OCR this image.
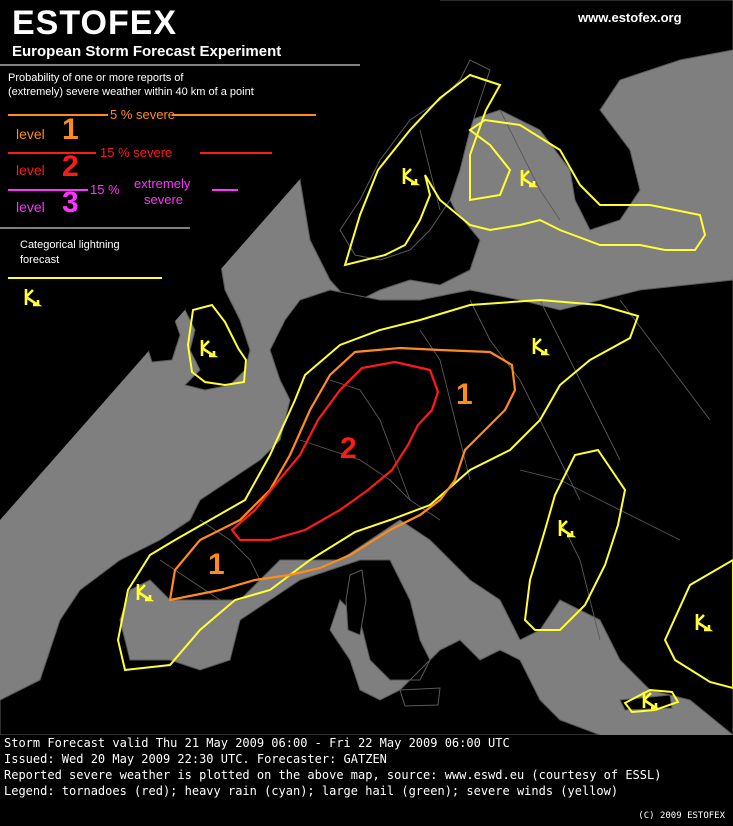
1
2
1
ESTOFEX
European Storm Forecast Experiment
www.estofex.org
Probability of one or more reports of
(extremely) severe weather within 40 km of a point
level 1 5 % severe
level 2 15 % severe
level 3 15 % extremely
severe
Categorical lightning
forecast
Storm Forecast valid Thu 21 May 2009 06:00 - Fri 22 May 2009 06:00 UTC
Issued: Wed 20 May 2009 22:30 UTC. Forecaster: GATZEN
Reported severe weather is plotted on the above map, source: www.eswd.eu (courtesy of ESSL)
Legend: tornadoes (red); heavy rain (cyan); large hail (green); severe winds (yellow)
(C) 2009 ESTOFEX
